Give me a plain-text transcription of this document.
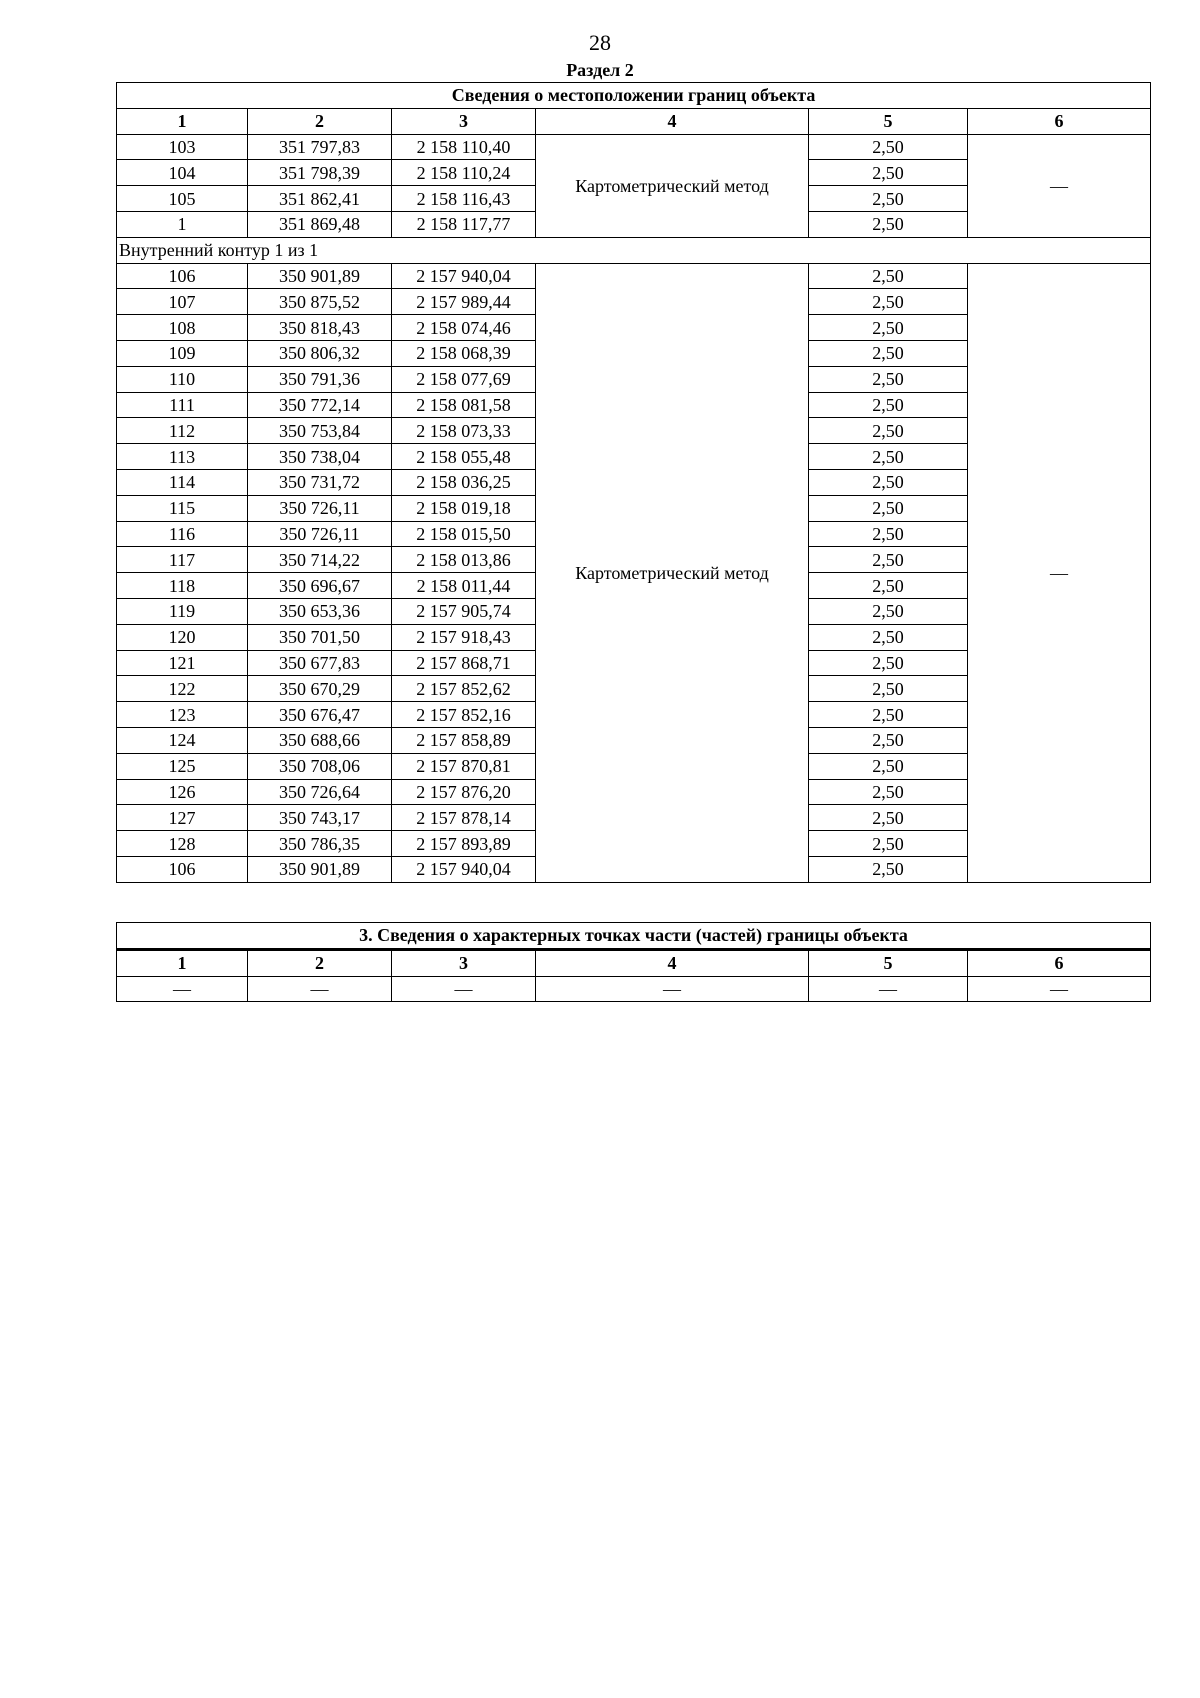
28
Раздел 2
Сведения о местоположении границ объекта					
1	2	3	4	5	6
103	351 797,83	2 158 110,40	Картометрический метод	2,50	—
104	351 798,39	2 158 110,24		2,50	
105	351 862,41	2 158 116,43		2,50	
1	351 869,48	2 158 117,77		2,50	
Внутренний контур 1 из 1					
106	350 901,89	2 157 940,04	Картометрический метод	2,50	—
107	350 875,52	2 157 989,44		2,50	
108	350 818,43	2 158 074,46		2,50	
109	350 806,32	2 158 068,39		2,50	
110	350 791,36	2 158 077,69		2,50	
111	350 772,14	2 158 081,58		2,50	
112	350 753,84	2 158 073,33		2,50	
113	350 738,04	2 158 055,48		2,50	
114	350 731,72	2 158 036,25		2,50	
115	350 726,11	2 158 019,18		2,50	
116	350 726,11	2 158 015,50		2,50	
117	350 714,22	2 158 013,86		2,50	
118	350 696,67	2 158 011,44		2,50	
119	350 653,36	2 157 905,74		2,50	
120	350 701,50	2 157 918,43		2,50	
121	350 677,83	2 157 868,71		2,50	
122	350 670,29	2 157 852,62		2,50	
123	350 676,47	2 157 852,16		2,50	
124	350 688,66	2 157 858,89		2,50	
125	350 708,06	2 157 870,81		2,50	
126	350 726,64	2 157 876,20		2,50	
127	350 743,17	2 157 878,14		2,50	
128	350 786,35	2 157 893,89		2,50	
106	350 901,89	2 157 940,04		2,50	
3. Сведения о характерных точках части (частей) границы объекта					
1	2	3	4	5	6
—	—	—	—	—	—
